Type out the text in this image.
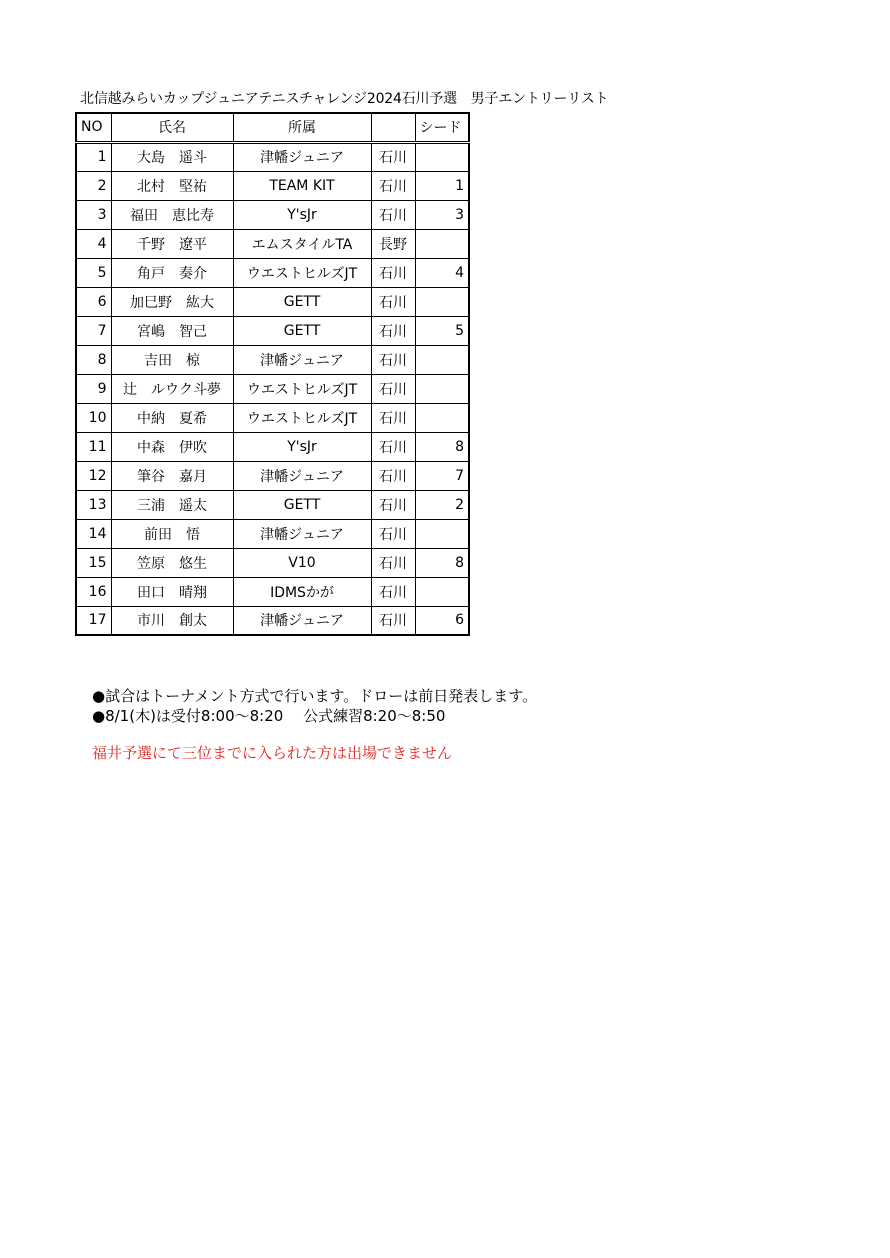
北信越みらいカップジュニアテニスチャレンジ2024石川予選　男子エントリーリスト
NO	氏名	所属		シード
1	大島　遥斗	津幡ジュニア	石川	
2	北村　堅祐	TEAM KIT	石川	1
3	福田　恵比寿	Y'sJr	石川	3
4	千野　遼平	エムスタイルTA	長野	
5	角戸　奏介	ウエストヒルズJT	石川	4
6	加巳野　紘大	GETT	石川	
7	宮嶋　智己	GETT	石川	5
8	吉田　椋	津幡ジュニア	石川	
9	辻　ルウク斗夢	ウエストヒルズJT	石川	
10	中納　夏希	ウエストヒルズJT	石川	
11	中森　伊吹	Y'sJr	石川	8
12	筆谷　嘉月	津幡ジュニア	石川	7
13	三浦　遥太	GETT	石川	2
14	前田　悟	津幡ジュニア	石川	
15	笠原　悠生	V10	石川	8
16	田口　晴翔	IDMSかが	石川	
17	市川　創太	津幡ジュニア	石川	6
●試合はトーナメント方式で行います。ドローは前日発表します。
●8/1(木)は受付8:00～8:20　 公式練習8:20～8:50
福井予選にて三位までに入られた方は出場できません
